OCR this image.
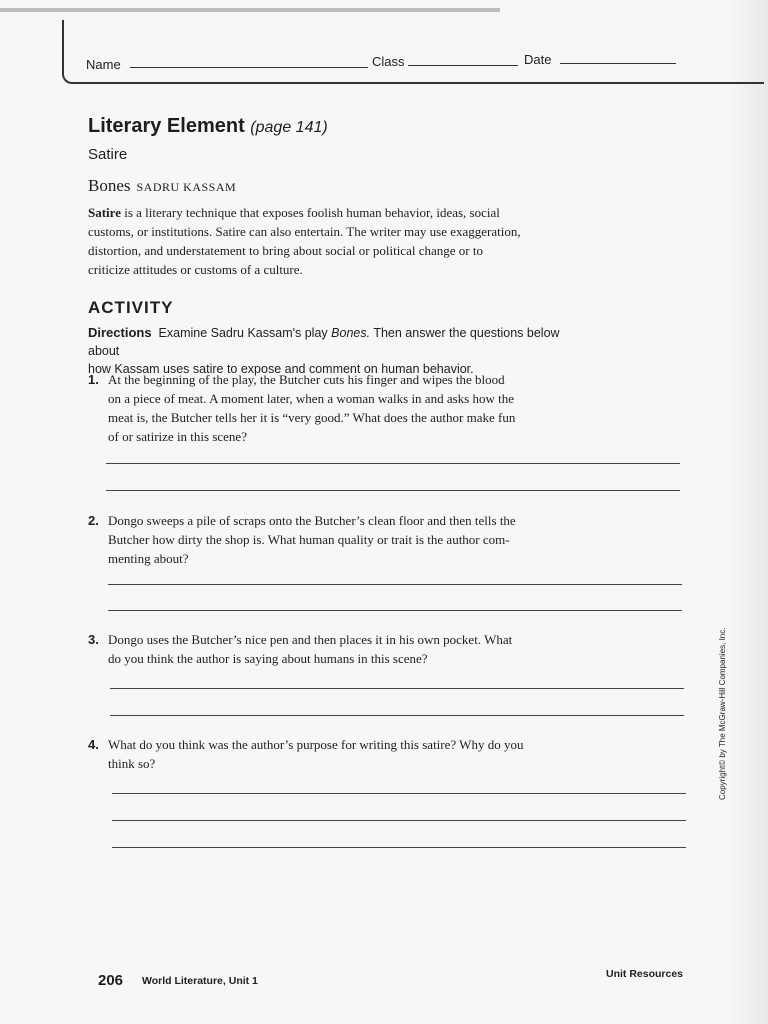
Name	Class	Date
Literary Element (page 141)
Satire
Bones SADRU KASSAM
Satire is a literary technique that exposes foolish human behavior, ideas, social
customs, or institutions. Satire can also entertain. The writer may use exaggeration,
distortion, and understatement to bring about social or political change or to
criticize attitudes or customs of a culture.
ACTIVITY
Directions Examine Sadru Kassam's play Bones. Then answer the questions below about
how Kassam uses satire to expose and comment on human behavior.
1. At the beginning of the play, the Butcher cuts his finger and wipes the blood
on a piece of meat. A moment later, when a woman walks in and asks how the
meat is, the Butcher tells her it is “very good.” What does the author make fun
of or satirize in this scene?
2. Dongo sweeps a pile of scraps onto the Butcher’s clean floor and then tells the
Butcher how dirty the shop is. What human quality or trait is the author com-
menting about?
3. Dongo uses the Butcher’s nice pen and then places it in his own pocket. What
do you think the author is saying about humans in this scene?
4. What do you think was the author’s purpose for writing this satire? Why do you
think so?	Copyright© by The McGraw-Hill Companies, Inc.
206 World Literature, Unit 1
Unit Resources
